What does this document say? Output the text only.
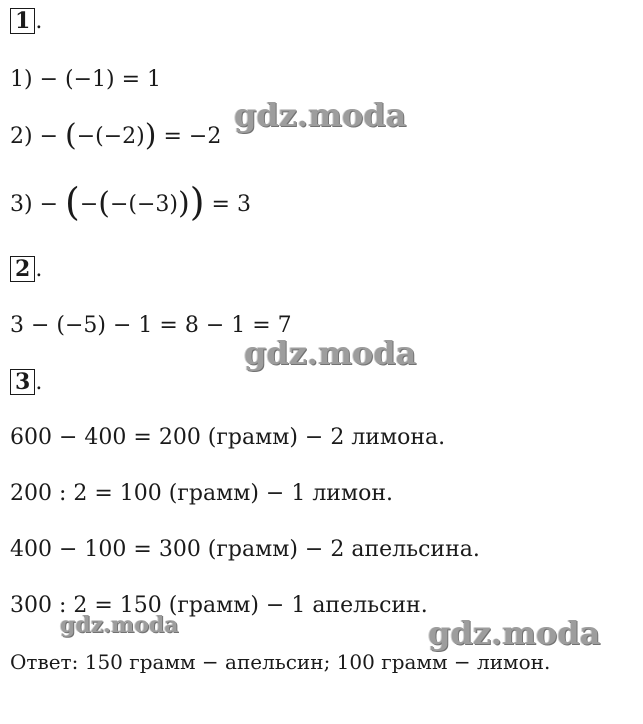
1 .
1) − (−1) = 1
2) − (−(−2)) = −2
3) − (−(−(−3))) = 3
2 .
3 − (−5) − 1 = 8 − 1 = 7
3 .
600 − 400 = 200 (грамм) − 2 лимона.
200 : 2 = 100 (грамм) − 1 лимон.
400 − 100 = 300 (грамм) − 2 апельсина.
300 : 2 = 150 (грамм) − 1 апельсин.
Ответ: 150 грамм − апельсин; 100 грамм − лимон.
gdz.moda
gdz.moda
gdz.moda	gdz.moda
